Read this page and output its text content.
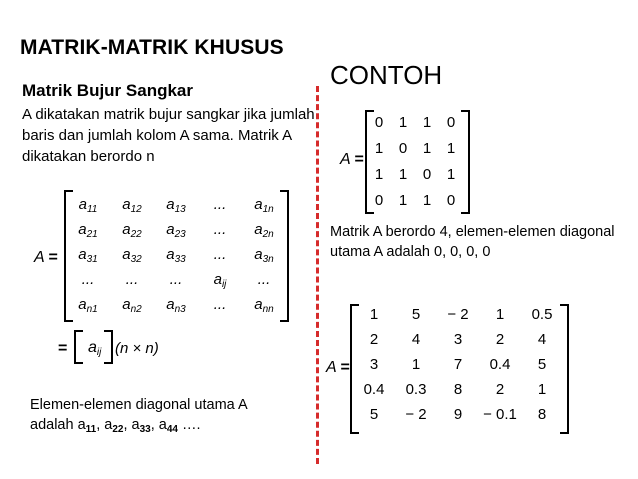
MATRIK-MATRIK KHUSUS
CONTOH
Matrik Bujur Sangkar
A dikatakan matrik bujur sangkar jika jumlah baris dan jumlah kolom A sama. Matrik A dikatakan berordo n
A =
$a_{11}$	$a_{12}$	$a_{13}$	...	$a_{1n}$
$a_{21}$	$a_{22}$	$a_{23}$	...	$a_{2n}$
$a_{31}$	$a_{32}$	$a_{33}$	...	$a_{3n}$
...	...	...	$a_{ij}$	...
$a_{n1}$	$a_{n2}$	$a_{n3}$	...	$a_{nn}$
= $a_{ij}$ (n × n)
Elemen-elemen diagonal utama A
adalah $a_{11}$, $a_{22}$, $a_{33}$, $a_{44}$ ….
A =
0	1	1	0
1	0	1	1
1	1	0	1
0	1	1	0
Matrik A berordo 4, elemen-elemen diagonal utama A adalah 0, 0, 0, 0
A =
1	5	− 2	1	0.5
2	4	3	2	4
3	1	7	0.4	5
0.4	0.3	8	2	1
5	− 2	9	− 0.1	8
